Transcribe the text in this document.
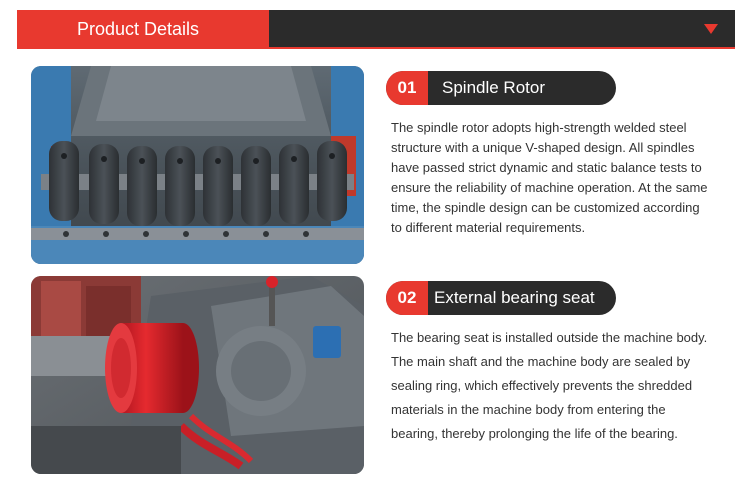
Product Details
01	Spindle Rotor
The spindle rotor adopts high-strength welded steel structure with a unique V-shaped design. All spindles have passed strict dynamic and static balance tests to ensure the reliability of machine operation. At the same time, the spindle design can be customized according to different material requirements.
02	External bearing seat
The bearing seat is installed outside the machine body. The main shaft and the machine body are sealed by sealing ring, which effectively prevents the shredded materials in the machine body from entering the bearing, thereby prolonging the life of the bearing.
